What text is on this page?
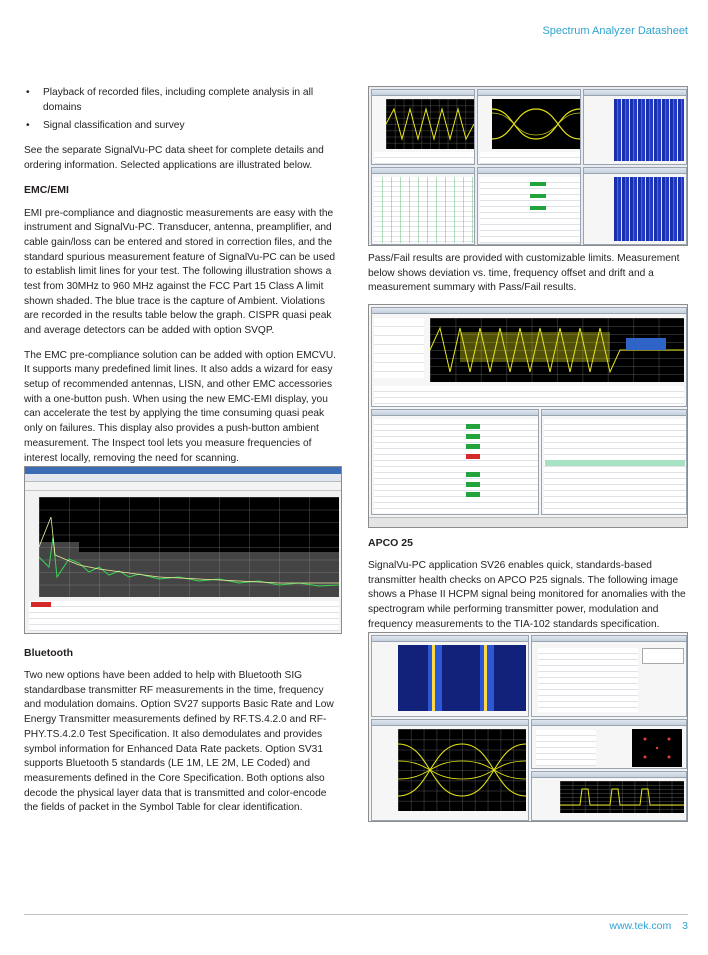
Spectrum Analyzer Datasheet
• Playback of recorded files, including complete analysis in all domains
• Signal classification and survey

See the separate SignalVu-PC data sheet for complete details and ordering information. Selected applications are illustrated below.

EMC/EMI

EMI pre-compliance and diagnostic measurements are easy with the instrument and SignalVu-PC. Transducer, antenna, preamplifier, and cable gain/loss can be entered and stored in correction files, and the standard spurious measurement feature of SignalVu-PC can be used to establish limit lines for your test. The following illustration shows a test from 30MHz to 960 MHz against the FCC Part 15 Class A limit shown shaded. The blue trace is the capture of Ambient. Violations are recorded in the results table below the graph. CISPR quasi peak and average detectors can be added with option SVQP.

The EMC pre-compliance solution can be added with option EMCVU. It supports many predefined limit lines. It also adds a wizard for easy setup of recommended antennas, LISN, and other EMC accessories with a one-button push. When using the new EMC-EMI display, you can accelerate the test by applying the time consuming quasi peak only on failures. This display also provides a push-button ambient measurement. The Inspect tool lets you measure frequencies of interest locally, removing the need for scanning.

Bluetooth

Two new options have been added to help with Bluetooth SIG standardbase transmitter RF measurements in the time, frequency and modulation domains. Option SV27 supports Basic Rate and Low Energy Transmitter measurements defined by RF.TS.4.2.0 and RF-PHY.TS.4.2.0 Test Specification. It also demodulates and provides symbol information for Enhanced Data Rate packets. Option SV31 supports Bluetooth 5 standards (LE 1M, LE 2M, LE Coded) and measurements defined in the Core Specification. Both options also decode the physical layer data that is transmitted and color-encode the fields of packet in the Symbol Table for clear identification.

Pass/Fail results are provided with customizable limits. Measurement below shows deviation vs. time, frequency offset and drift and a measurement summary with Pass/Fail results.

APCO 25

SignalVu-PC application SV26 enables quick, standards-based transmitter health checks on APCO P25 signals. The following image shows a Phase II HCPM signal being monitored for anomalies with the spectrogram while performing transmitter power, modulation and frequency measurements to the TIA-102 standards specification.

www.tek.com 3
